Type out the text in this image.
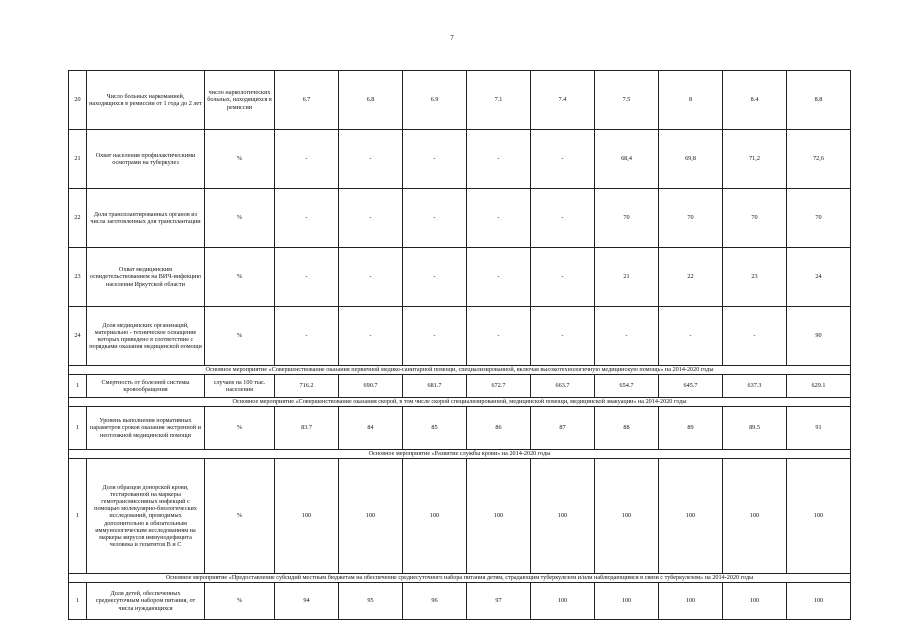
7
20	Число больных наркоманией, находящихся в ремиссии от 1 года до 2 лет	число наркологических больных, находящихся в ремиссии	6.7	6.8	6.9	7.1	7.4	7.5	8	8.4	8.8
21	Охват населения профилактическими осмотрами на туберкулез	%	-	-	-	-	-	68,4	69,8	71,2	72,6
22	Доля трансплантированных органов из числа заготовленных для трансплантации	%	-	-	-	-	-	70	70	70	70
23	Охват медицинским освидетельствованием на ВИЧ-инфекцию населения Иркутской области	%	-	-	-	-	-	21	22	23	24
24	Доля медицинских организаций, материально - техническое оснащение которых приведено в соответствие с порядками оказания медицинской помощи	%	-	-	-	-	-	-	-	-	90
Основное мероприятие «Совершенствование оказания первичной медико-санитарной помощи, специализированной, включая высокотехнологичную медицинскую помощь» на 2014-2020 годы											
1	Смертность от болезней системы кровообращения	случаев на 100 тыс. населения	716.2	690.7	681.7	672.7	663.7	654.7	645.7	637.3	629.1
Основное мероприятие «Совершенствование оказания скорой, в том числе скорой специализированной, медицинской помощи, медицинской эвакуации» на 2014-2020 годы											
1	Уровень выполнения нормативных параметров сроков оказания экстренной и неотложной медицинской помощи	%	83.7	84	85	86	87	88	89	89.5	91
Основное мероприятие «Развитие службы крови» на 2014-2020 годы											
1	Доля образцов донорской крови, тестированной на маркеры гемотрансмиссивных инфекций с помощью молекулярно-биологических исследований, проводимых дополнительно к обязательным иммунологическим исследованиям на маркеры вирусов иммунодефицита человека и гепатитов В и С	%	100	100	100	100	100	100	100	100	100
Основное мероприятие «Предоставление субсидий местным бюджетам на обеспечение среднесуточного набора питания детям, страдающим туберкулезом и/или наблюдающимся в связи с туберкулезом» на 2014-2020 годы											
1	Доля детей, обеспеченных среднесуточным набором питания, от числа нуждающихся	%	94	95	96	97	100	100	100	100	100
